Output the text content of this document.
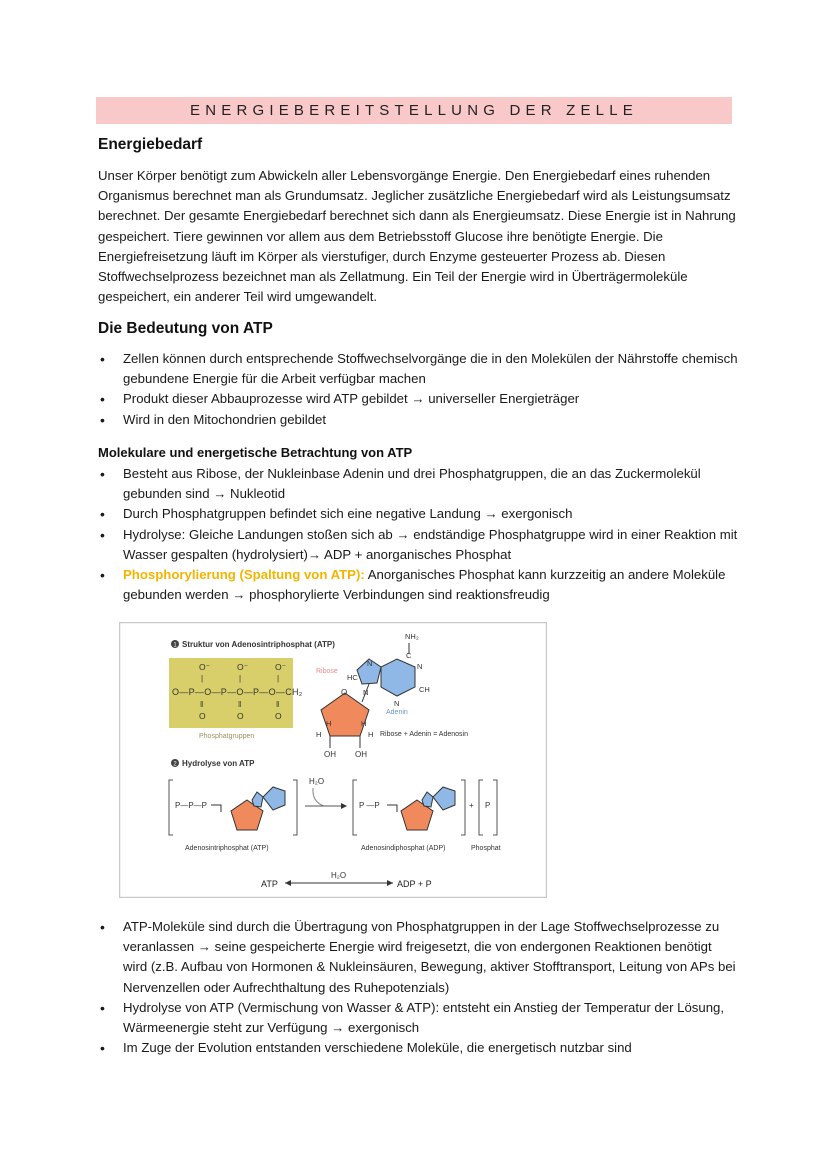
ENERGIEBEREITSTELLUNG DER ZELLE
Energiebedarf

Unser Körper benötigt zum Abwickeln aller Lebensvorgänge Energie. Den Energiebedarf eines ruhenden Organismus berechnet man als Grundumsatz. Jeglicher zusätzliche Energiebedarf wird als Leistungsumsatz berechnet. Der gesamte Energiebedarf berechnet sich dann als Energieumsatz. Diese Energie ist in Nahrung gespeichert. Tiere gewinnen vor allem aus dem Betriebsstoff Glucose ihre benötigte Energie. Die Energiefreisetzung läuft im Körper als vierstufiger, durch Enzyme gesteuerter Prozess ab. Diesen Stoffwechselprozess bezeichnet man als Zellatmung. Ein Teil der Energie wird in Überträgermoleküle gespeichert, ein anderer Teil wird umgewandelt.

Die Bedeutung von ATP
• Zellen können durch entsprechende Stoffwechselvorgänge die in den Molekülen der Nährstoffe chemisch gebundene Energie für die Arbeit verfügbar machen
• Produkt dieser Abbauprozesse wird ATP gebildet → universeller Energieträger
• Wird in den Mitochondrien gebildet
Molekulare und energetische Betrachtung von ATP
• Besteht aus Ribose, der Nukleinbase Adenin und drei Phosphatgruppen, die an das Zuckermolekül gebunden sind → Nukleotid
• Durch Phosphatgruppen befindet sich eine negative Landung → exergonisch
• Hydrolyse: Gleiche Landungen stoßen sich ab → endständige Phosphatgruppe wird in einer Reaktion mit Wasser gespalten (hydrolysiert)→ ADP + anorganisches Phosphat
• Phosphorylierung (Spaltung von ATP): Anorganisches Phosphat kann kurzzeitig an andere Moleküle gebunden werden → phosphorylierte Verbindungen sind reaktionsfreudig
1 Struktur von Adenosintriphosphat (ATP)
O⁻	O⁻	O⁻
|	|	|
O—P—O—P—O—P—O—CH₂
‖	‖	‖
O	O	O
Phosphatgruppen
Ribose
O
H	H
H	H
OH OH
NH₂
C
N	N
HC
CH
N
N
Adenin
Ribose + Adenin = Adenosin
2 Hydrolyse von ATP
P—P—P
Adenosintriphosphat (ATP)
H₂O
P —P
Adenosindiphosphat (ADP)
+ P
Phosphat
ATP
H₂O
ADP + P
• ATP-Moleküle sind durch die Übertragung von Phosphatgruppen in der Lage Stoffwechselprozesse zu veranlassen → seine gespeicherte Energie wird freigesetzt, die von endergonen Reaktionen benötigt wird (z.B. Aufbau von Hormonen & Nukleinsäuren, Bewegung, aktiver Stofftransport, Leitung von APs bei Nervenzellen oder Aufrechthaltung des Ruhepotenzials)
• Hydrolyse von ATP (Vermischung von Wasser & ATP): entsteht ein Anstieg der Temperatur der Lösung, Wärmeenergie steht zur Verfügung → exergonisch
• Im Zuge der Evolution entstanden verschiedene Moleküle, die energetisch nutzbar sind
